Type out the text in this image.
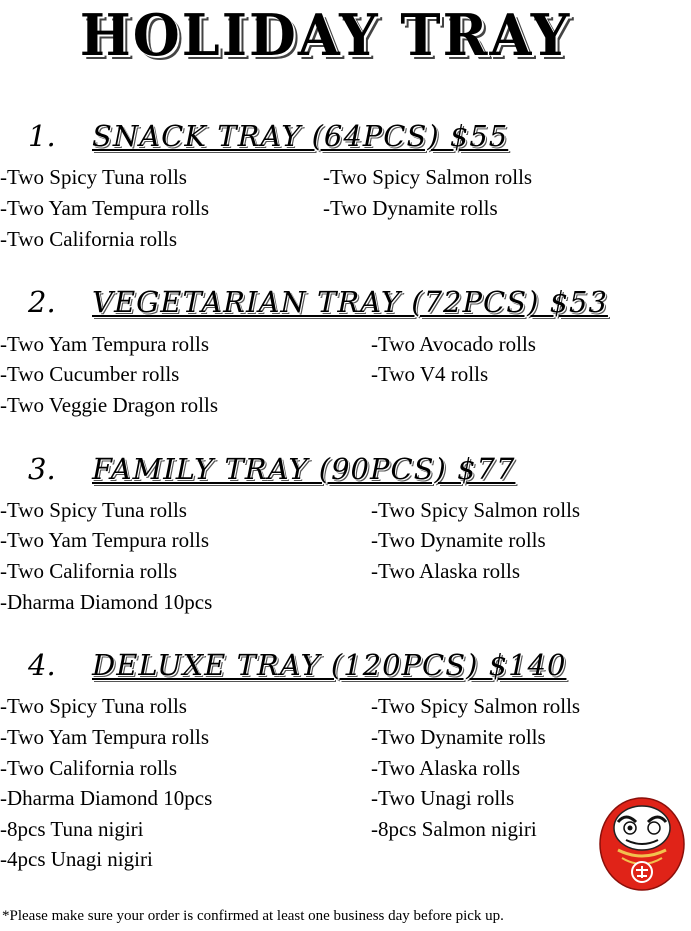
HOLIDAY TRAY
1.	SNACK TRAY (64PCS) $55
-Two Spicy Tuna rolls
-Two Yam Tempura rolls
-Two California rolls
-Two Spicy Salmon rolls
-Two Dynamite rolls
2.	VEGETARIAN TRAY (72PCS) $53
-Two Yam Tempura rolls
-Two Cucumber rolls
-Two Veggie Dragon rolls
-Two Avocado rolls
-Two V4 rolls
3.	FAMILY TRAY (90PCS) $77
-Two Spicy Tuna rolls
-Two Yam Tempura rolls
-Two California rolls
-Dharma Diamond 10pcs
-Two Spicy Salmon rolls
-Two Dynamite rolls
-Two Alaska rolls
4.	DELUXE TRAY (120PCS) $140
-Two Spicy Tuna rolls
-Two Yam Tempura rolls
-Two California rolls
-Dharma Diamond 10pcs
-8pcs Tuna nigiri
-4pcs Unagi nigiri
-Two Spicy Salmon rolls
-Two Dynamite rolls
-Two Alaska rolls
-Two Unagi rolls
-8pcs Salmon nigiri
*Please make sure your order is confirmed at least one business day before pick up.
